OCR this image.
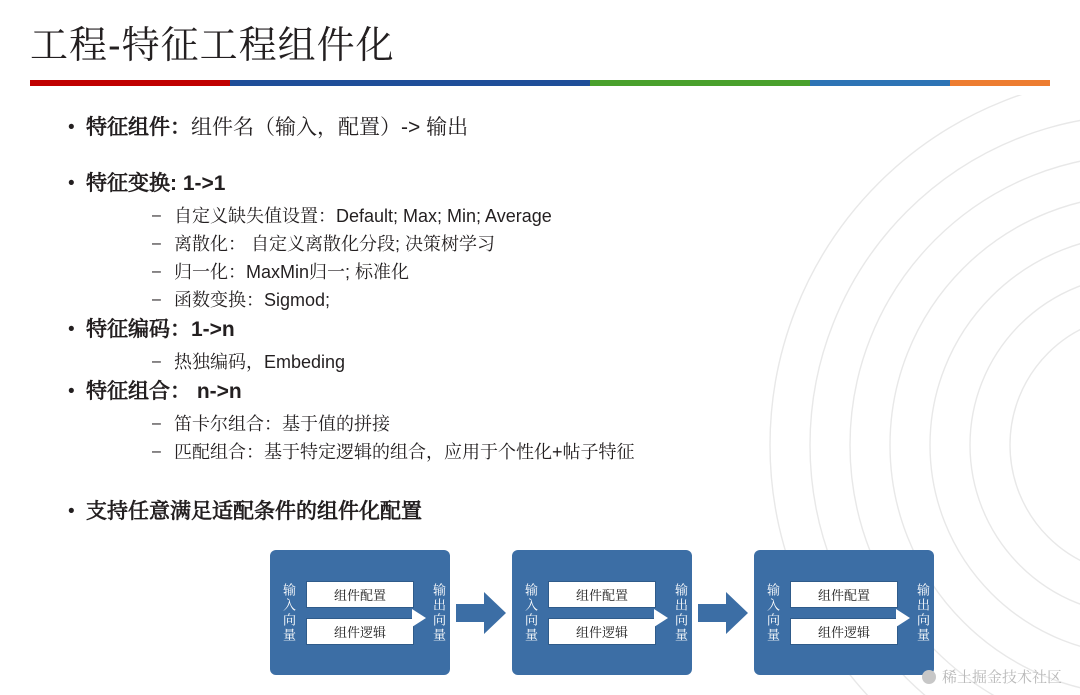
工程-特征工程组件化
• 特征组件：组件名（输入，配置）-> 输出
• 特征变换: 1->1
– 自定义缺失值设置：Default; Max; Min; Average
– 离散化： 自定义离散化分段; 决策树学习
– 归一化：MaxMin归一; 标准化
– 函数变换：Sigmod;
• 特征编码：1->n
– 热独编码，Embeding
• 特征组合： n->n
– 笛卡尔组合：基于值的拼接
– 匹配组合：基于特定逻辑的组合，应用于个性化+帖子特征
• 支持任意满足适配条件的组件化配置
输入向量	组件配置
组件逻辑	输出向量	输入向量	组件配置
组件逻辑	输出向量	输入向量	组件配置
组件逻辑	输出向量
稀土掘金技术社区
